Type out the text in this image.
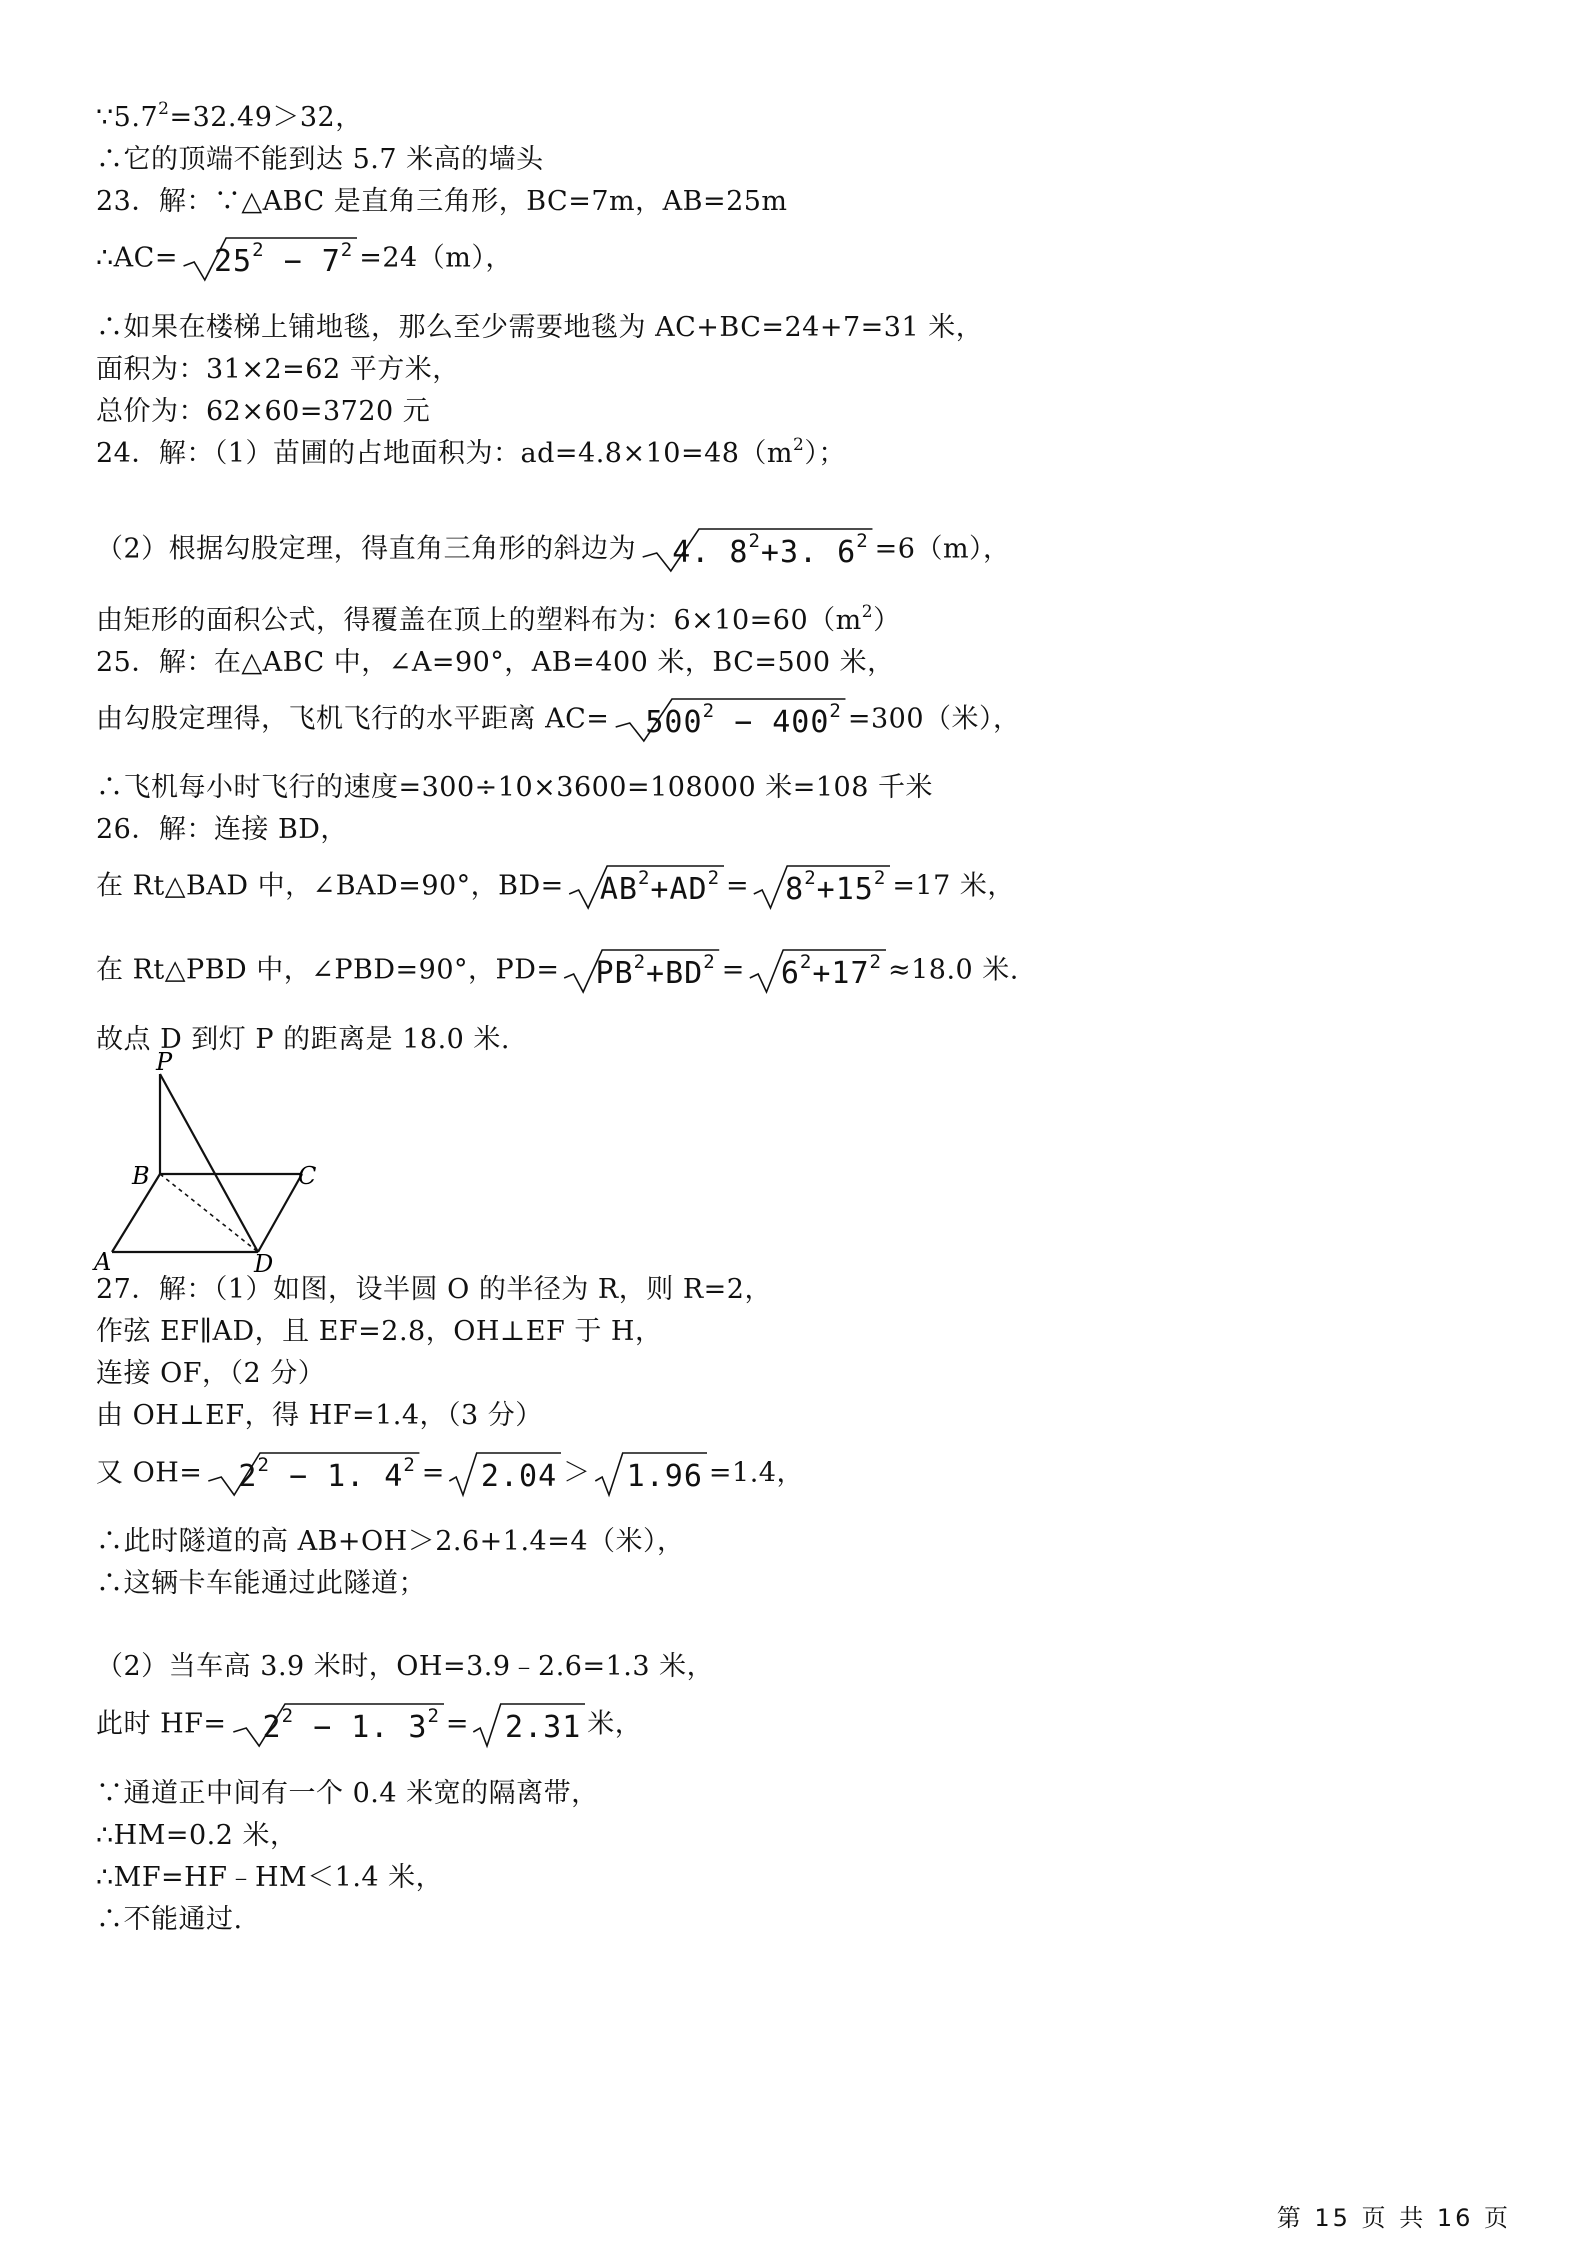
$\because 5.7^2=32.49>32$，
∴它的顶端不能到达 5.7 米高的墙头
23．解：∵△ABC 是直角三角形，BC=7m，AB=25m
∴AC= $25^2 - 7^2 =24(m)$，
∴如果在楼梯上铺地毯，那么至少需要地毯为 AC+BC=24+7=31 米，
面积为：31×2=62 平方米，
总价为：62×60=3720 元
24．解：（1）苗圃的占地面积为：$ad=4.8\times 10=48(m^2)$；
（2）根据勾股定理，得直角三角形的斜边为 4. $8^2+3$. $6^2 =6(m)$，
由矩形的面积公式，得覆盖在顶上的塑料布为：$6\times 10=60(m^2)$
25．解：在△ABC 中，∠A=90°，AB=400 米，BC=500 米，
由勾股定理得，飞机飞行的水平距离 $AC= 500^2 - 400^2 =300$（米），
∴飞机每小时飞行的速度=300÷10×3600=108000 米=108 千米
26．解：连接 BD，
在 Rt△BAD 中，∠BAD=90°，$BD= AB^2+AD^2 = 8^2+15^2 =17$ 米，
在 Rt△PBD 中，∠PBD=90°，$PD= PB^2+BD^2 = 6^2+17^2 \approx 18.0$ 米.
故点 D 到灯 P 的距离是 18.0 米.
P
B	C
A	D
27．解：（1）如图，设半圆 O 的半径为 R，则 R=2，
作弦 EF∥AD，且 EF=2.8，OH⊥EF 于 H，
连接 OF，（2 分）
由 OH⊥EF，得 HF=1.4，（3 分）
又 $OH= 2^2 - 1$. $4^2 = 2.04 > 1.96 =1.4$，
∴此时隧道的高 AB+OH＞2.6+1.4=4（米），
∴这辆卡车能通过此隧道；
（2）当车高 3.9 米时，OH=3.9﹣2.6=1.3 米，
此时 $HF= 2^2 - 1$. $3^2 = 2.31$ 米，
∵通道正中间有一个 0.4 米宽的隔离带，
∴HM=0.2 米，
∴MF=HF﹣HM＜1.4 米，
∴不能通过.
第 15 页 共 16 页
